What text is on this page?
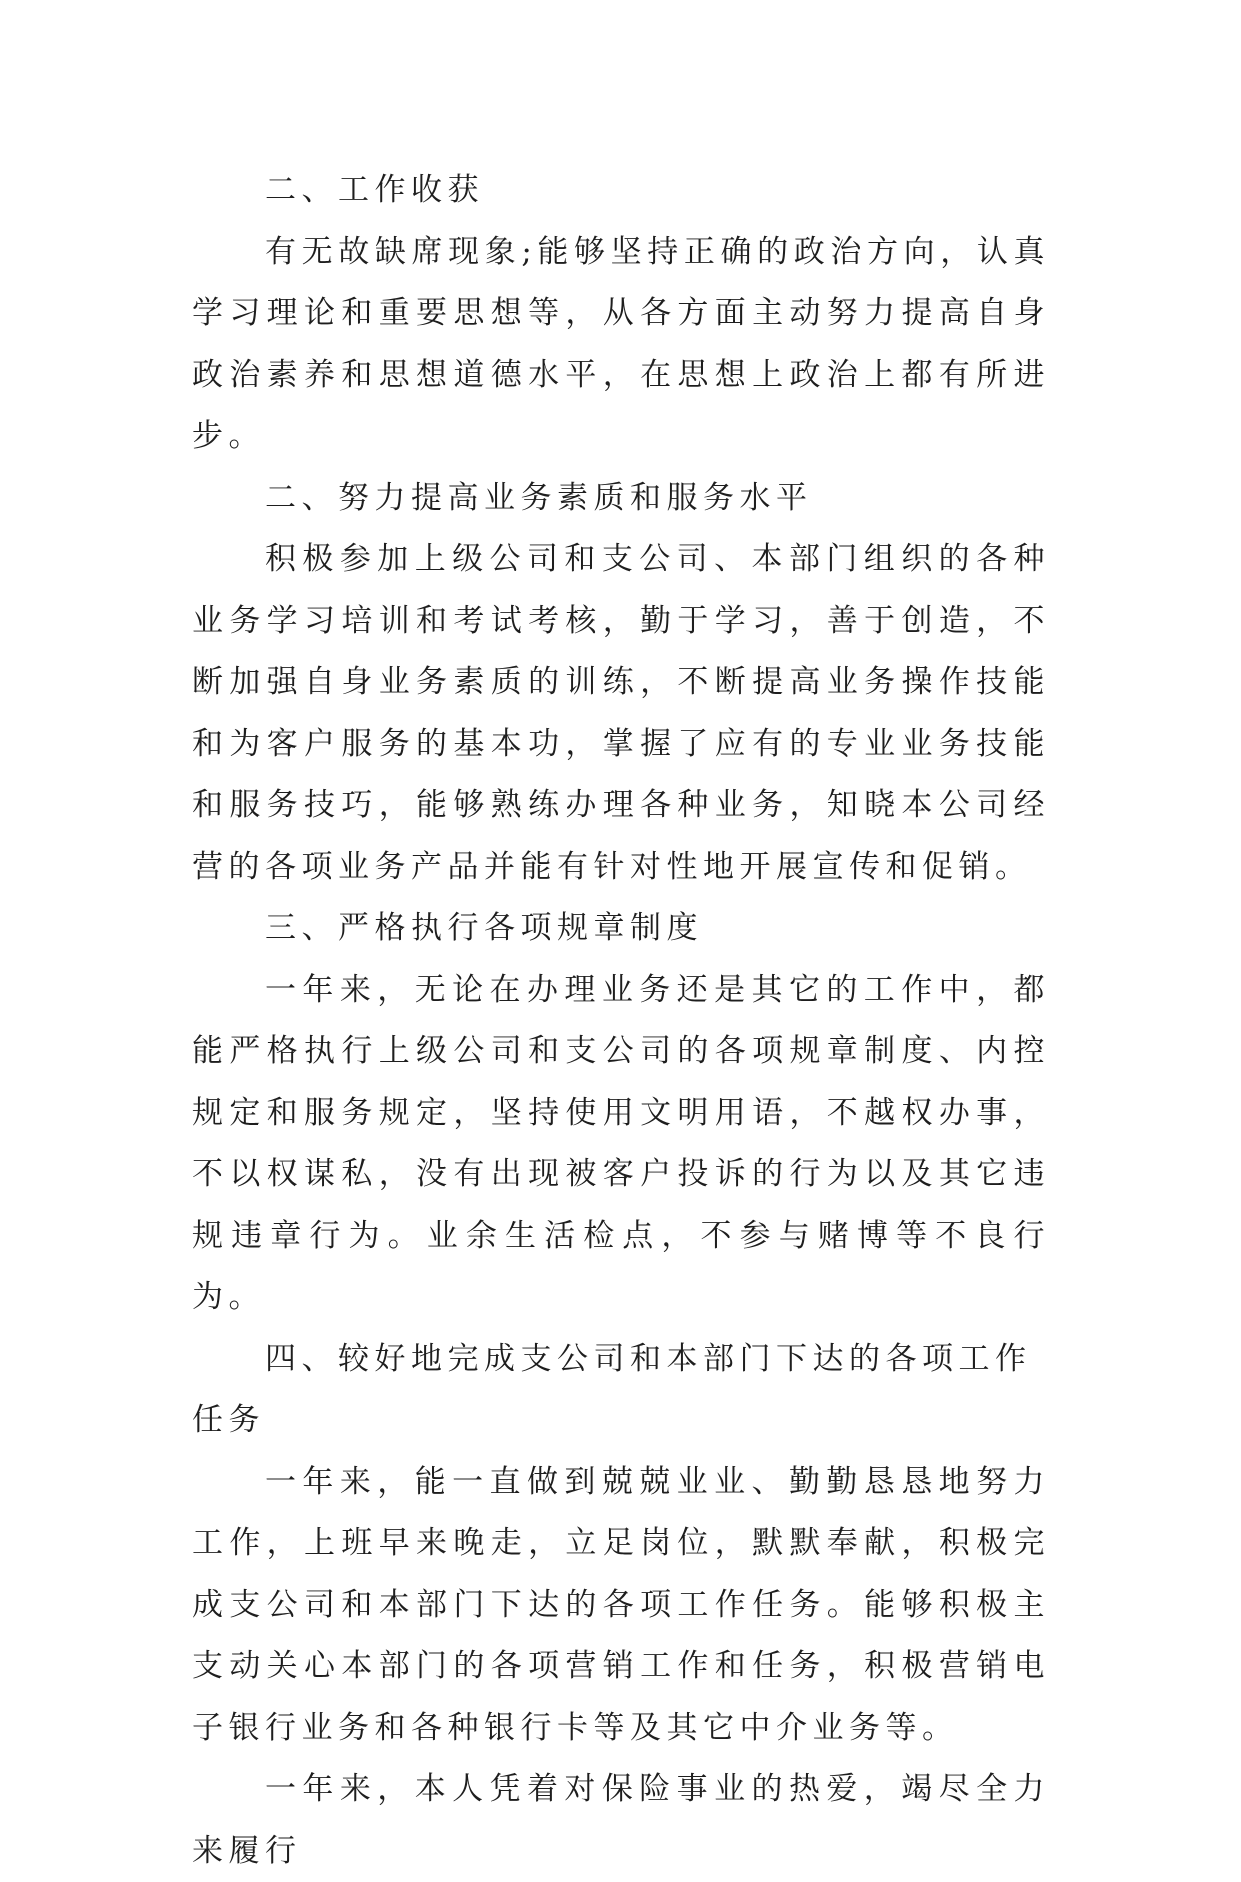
二、工作收获

有无故缺席现象;能够坚持正确的政治方向，认真学习理论和重要思想等，从各方面主动努力提高自身政治素养和思想道德水平，在思想上政治上都有所进步。

二、努力提高业务素质和服务水平

积极参加上级公司和支公司、本部门组织的各种业务学习培训和考试考核，勤于学习，善于创造，不断加强自身业务素质的训练，不断提高业务操作技能和为客户服务的基本功，掌握了应有的专业业务技能和服务技巧，能够熟练办理各种业务，知晓本公司经营的各项业务产品并能有针对性地开展宣传和促销。

三、严格执行各项规章制度

一年来，无论在办理业务还是其它的工作中，都能严格执行上级公司和支公司的各项规章制度、内控规定和服务规定，坚持使用文明用语，不越权办事，不以权谋私，没有出现被客户投诉的行为以及其它违规违章行为。业余生活检点，不参与赌博等不良行为。

四、较好地完成支公司和本部门下达的各项工作任务

一年来，能一直做到兢兢业业、勤勤恳恳地努力工作，上班早来晚走，立足岗位，默默奉献，积极完成支公司和本部门下达的各项工作任务。能够积极主支动关心本部门的各项营销工作和任务，积极营销电子银行业务和各种银行卡等及其它中介业务等。

一年来，本人凭着对保险事业的热爱，竭尽全力来履行
